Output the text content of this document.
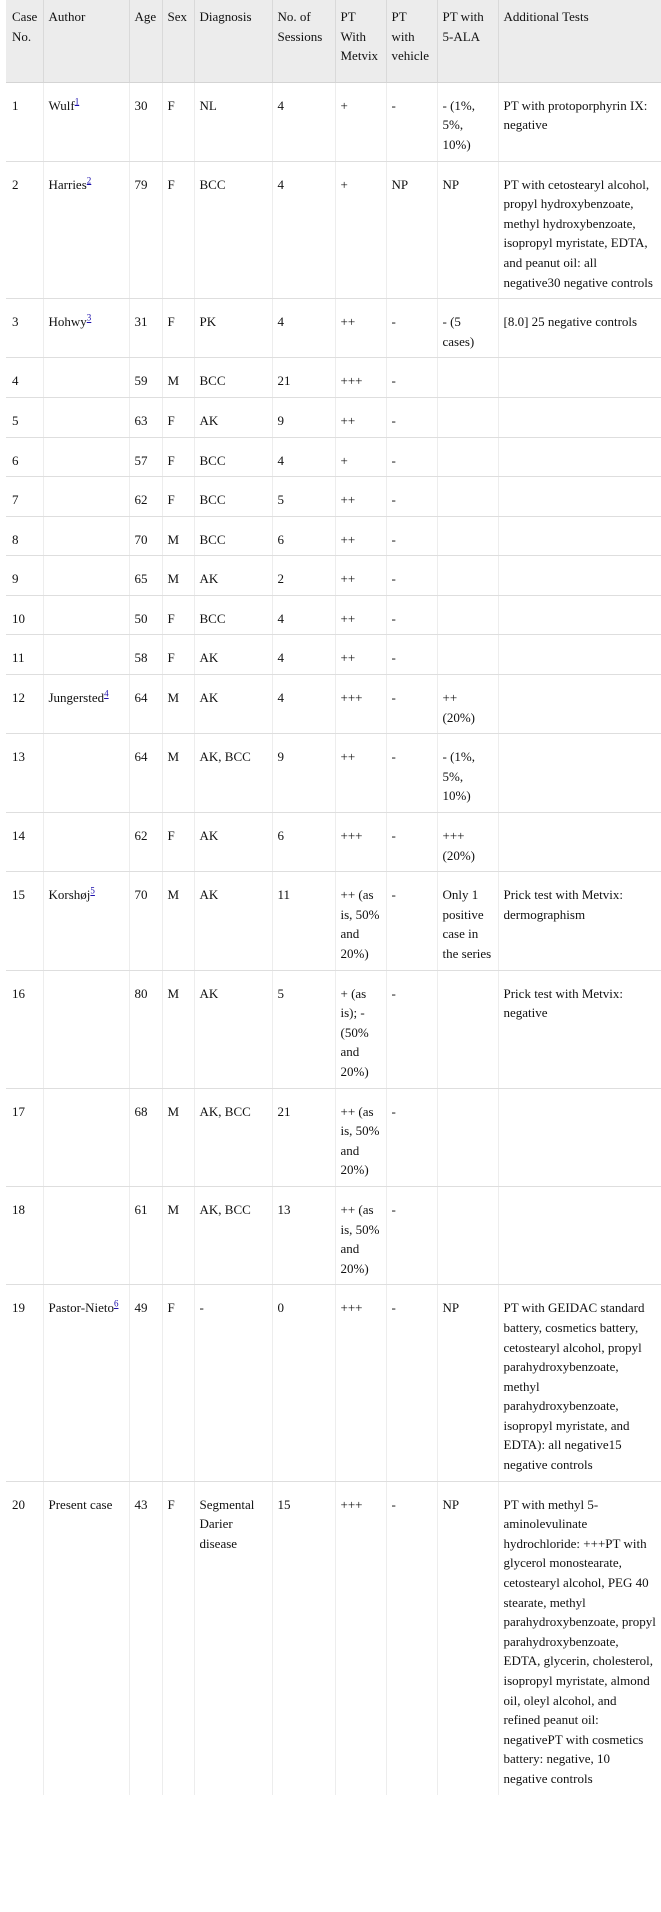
Case No.	Author	Age	Sex	Diagnosis	No. of Sessions	PT With Metvix	PT with vehicle	PT with 5-ALA	Additional Tests
1	Wulf$^1$	30	F	NL	4	+	-	- (1%, 5%, 10%)	PT with protoporphyrin IX: negative
2	Harries$^2$	79	F	BCC	4	+	NP	NP	PT with cetostearyl alcohol, propyl hydroxybenzoate, methyl hydroxybenzoate, isopropyl myristate, EDTA, and peanut oil: all negative30 negative controls
3	Hohwy$^3$	31	F	PK	4	++	-	- (5 cases)	[8.0] 25 negative controls
4		59	M	BCC	21	+++	-		
5		63	F	AK	9	++	-		
6		57	F	BCC	4	+	-		
7		62	F	BCC	5	++	-		
8		70	M	BCC	6	++	-		
9		65	M	AK	2	++	-		
10		50	F	BCC	4	++	-		
11		58	F	AK	4	++	-		
12	Jungersted$^4$	64	M	AK	4	+++	-	++ (20%)	
13		64	M	AK, BCC	9	++	-	- (1%, 5%, 10%)	
14		62	F	AK	6	+++	-	+++ (20%)	
15	Korshøj$^5$	70	M	AK	11	++ (as is, 50% and 20%)	-	Only 1 positive case in the series	Prick test with Metvix: dermographism
16		80	M	AK	5	+ (as is); - (50% and 20%)	-		Prick test with Metvix: negative
17		68	M	AK, BCC	21	++ (as is, 50% and 20%)	-		
18		61	M	AK, BCC	13	++ (as is, 50% and 20%)	-		
19	Pastor-Nieto$^6$	49	F	-	0	+++	-	NP	PT with GEIDAC standard battery, cosmetics battery, cetostearyl alcohol, propyl parahydroxybenzoate, methyl parahydroxybenzoate, isopropyl myristate, and EDTA): all negative15 negative controls
20	Present case	43	F	Segmental Darier disease	15	+++	-	NP	PT with methyl 5-aminolevulinate hydrochloride: +++PT with glycerol monostearate, cetostearyl alcohol, PEG 40 stearate, methyl parahydroxybenzoate, propyl parahydroxybenzoate, EDTA, glycerin, cholesterol, isopropyl myristate, almond oil, oleyl alcohol, and refined peanut oil: negativePT with cosmetics battery: negative, 10 negative controls
